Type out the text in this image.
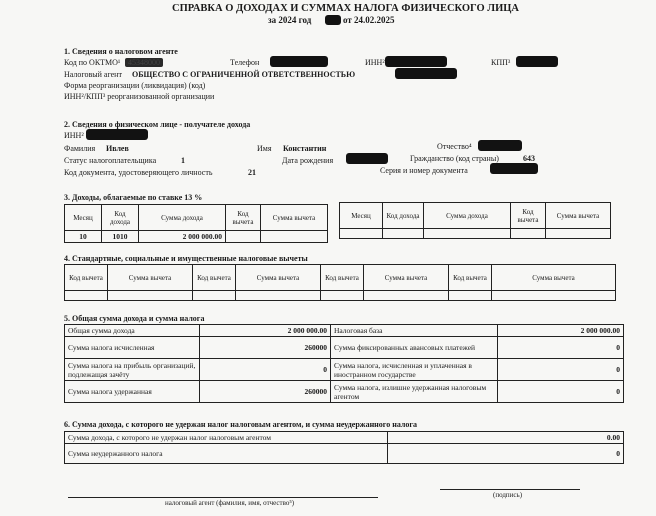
СПРАВКА О ДОХОДАХ И СУММАХ НАЛОГА ФИЗИЧЕСКОГО ЛИЦА
за 2024 год	от 24.02.2025
1. Сведения о налоговом агенте
Код по ОКТМО¹ 45348000	Телефон	ИНН²	КПП³
Налоговый агент ОБЩЕСТВО С ОГРАНИЧЕННОЙ ОТВЕТСТВЕННОСТЬЮ
Форма реорганизации (ликвидация) (код)
ИНН²/КПП³ реорганизованной организации
2. Сведения о физическом лице - получателе дохода
ИНН²
Фамилия Ивлев	Имя Константин	Отчество⁴
Статус налогоплательщика	1	Дата рождения	Гражданство (код страны)	643
Код документа, удостоверяющего личность	21	Серия и номер документа
3. Доходы, облагаемые по ставке 13 %
Месяц	Код дохода	Сумма дохода	Код вычета	Сумма вычета
10	1010	2 000 000.00		
Месяц	Код дохода	Сумма дохода	Код вычета	Сумма вычета

4. Стандартные, социальные и имущественные налоговые вычеты
Код вычета	Сумма вычета	Код вычета	Сумма вычета	Код вычета	Сумма вычета	Код вычета	Сумма вычета

5. Общая сумма дохода и сумма налога
Общая сумма дохода	2 000 000.00	Налоговая база	2 000 000.00
Сумма налога исчисленная	260000	Сумма фиксированных авансовых платежей	0
Сумма налога на прибыль организаций, подлежащая зачёту	0	Сумма налога, исчисленная и уплаченная в иностранном государстве	0
Сумма налога удержанная	260000	Сумма налога, излишне удержанная налоговым агентом	0
6. Сумма дохода, с которого не удержан налог налоговым агентом, и сумма неудержанного налога
Сумма дохода, с которого не удержан налог налоговым агентом	0.00
Сумма неудержанного налога	0
налоговый агент (фамилия, имя, отчество⁵)
(подпись)
